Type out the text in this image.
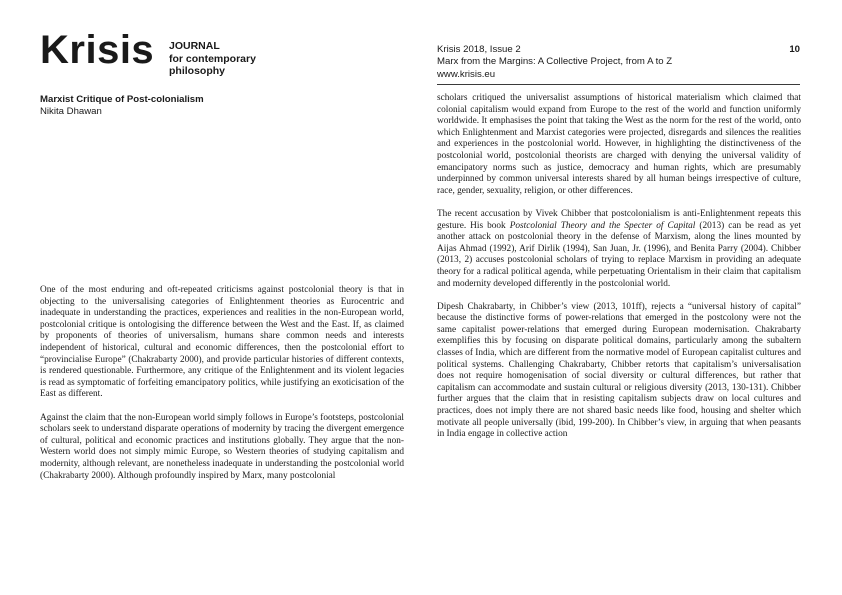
Krisis JOURNAL
for contemporary
philosophy
Krisis 2018, Issue 2
Marx from the Margins: A Collective Project, from A to Z
www.krisis.eu
10
Marxist Critique of Post-colonialism
Nikita Dhawan

One of the most enduring and oft-repeated criticisms against postcolonial theory is that in objecting to the universalising categories of Enlightenment theories as Eurocentric and inadequate in understanding the practices, experiences and realities in the non-European world, postcolonial critique is ontologising the difference between the West and the East. If, as claimed by proponents of theories of universalism, humans share common needs and interests independent of historical, cultural and economic differences, then the postcolonial effort to “provincialise Europe” (Chakrabarty 2000), and provide particular histories of different contexts, is rendered questionable. Furthermore, any critique of the Enlightenment and its violent legacies is read as symptomatic of forfeiting emancipatory politics, while justifying an exoticisation of the East as different.

Against the claim that the non-European world simply follows in Europe’s footsteps, postcolonial scholars seek to understand disparate operations of modernity by tracing the divergent emergence of cultural, political and economic practices and institutions globally. They argue that the non-Western world does not simply mimic Europe, so Western theories of studying capitalism and modernity, although relevant, are nonetheless inadequate in understanding the postcolonial world (Chakrabarty 2000). Although profoundly inspired by Marx, many postcolonial

scholars critiqued the universalist assumptions of historical materialism which claimed that colonial capitalism would expand from Europe to the rest of the world and function uniformly worldwide. It emphasises the point that taking the West as the norm for the rest of the world, onto which Enlightenment and Marxist categories were projected, disregards and silences the realities and experiences in the postcolonial world. However, in highlighting the distinctiveness of the postcolonial world, postcolonial theorists are charged with denying the universal validity of emancipatory norms such as justice, democracy and human rights, which are presumably underpinned by common universal interests shared by all human beings irrespective of culture, race, gender, sexuality, religion, or other differences.

The recent accusation by Vivek Chibber that postcolonialism is anti-Enlightenment repeats this gesture. His book Postcolonial Theory and the Specter of Capital (2013) can be read as yet another attack on postcolonial theory in the defense of Marxism, along the lines mounted by Aijas Ahmad (1992), Arif Dirlik (1994), San Juan, Jr. (1996), and Benita Parry (2004). Chibber (2013, 2) accuses postcolonial scholars of trying to replace Marxism in providing an adequate theory for a radical political agenda, while perpetuating Orientalism in their claim that capitalism and modernity developed differently in the postcolonial world.

Dipesh Chakrabarty, in Chibber’s view (2013, 101ff), rejects a “universal history of capital” because the distinctive forms of power-relations that emerged in the postcolony were not the same capitalist power-relations that emerged during European modernisation. Chakrabarty exemplifies this by focusing on disparate political domains, particularly among the subaltern classes of India, which are different from the normative model of European capitalist cultures and political systems. Challenging Chakrabarty, Chibber retorts that capitalism’s universalisation does not require homogenisation of social diversity or cultural differences, but rather that capitalism can accommodate and sustain cultural or religious diversity (2013, 130-131). Chibber further argues that the claim that in resisting capitalism subjects draw on local cultures and practices, does not imply there are not shared basic needs like food, housing and shelter which motivate all people universally (ibid, 199-200). In Chibber’s view, in arguing that when peasants in India engage in collective action
